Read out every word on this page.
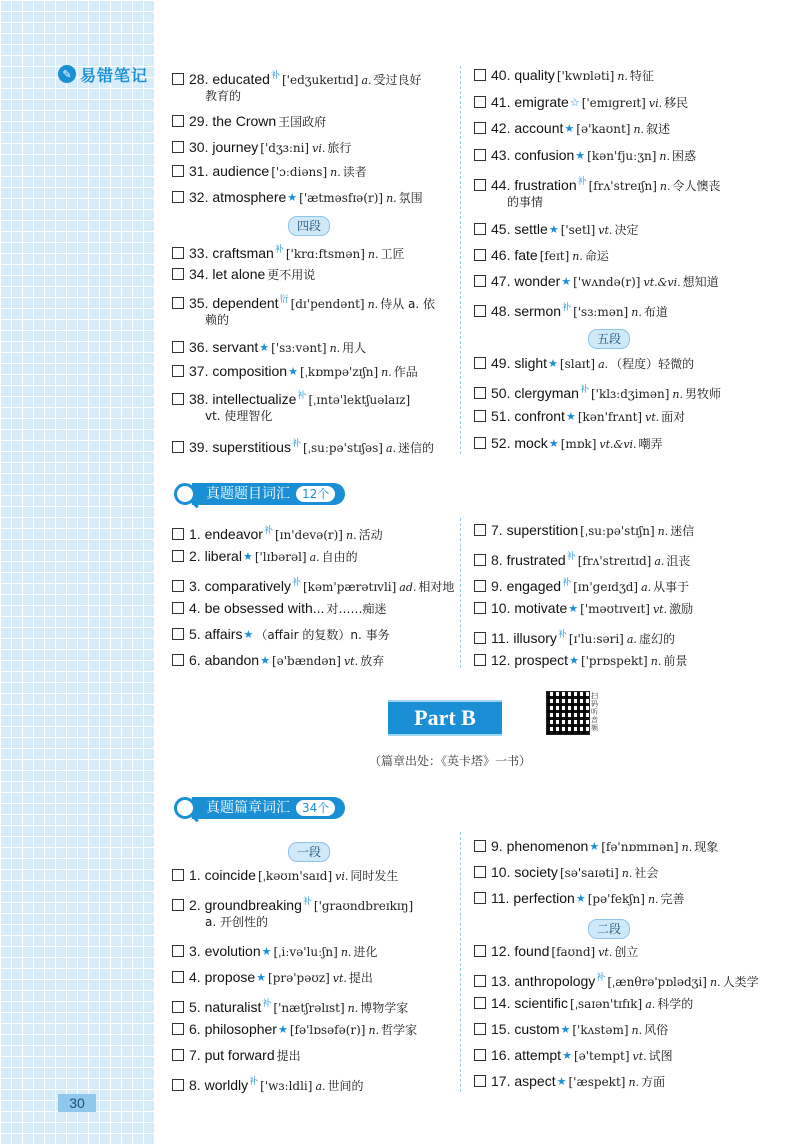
✎ 易错笔记
30
28. educated$^补$ ['edʒukeɪtɪd] a. 受过良好
教育的
29. the Crown 王国政府
30. journey ['dʒɜːni] vi. 旅行
31. audience ['ɔːdiəns] n. 读者
32. atmosphere★ ['ætməsfɪə(r)] n. 氛围
33. craftsman$^补$ ['krɑːftsmən] n. 工匠
34. let alone 更不用说
35. dependent$^衍$ [dɪ'pendənt] n. 侍从 a. 依
赖的
36. servant★ ['sɜːvənt] n. 用人
37. composition★ [ˌkɒmpə'zɪʃn] n. 作品
38. intellectualize$^补$ [ˌɪntə'lektʃuəlaɪz]
vt. 使理智化
39. superstitious$^补$ [ˌsuːpə'stɪʃəs] a. 迷信的
40. quality ['kwɒləti] n. 特征
41. emigrate☆ ['emɪgreɪt] vi. 移民
42. account★ [ə'kaʊnt] n. 叙述
43. confusion★ [kən'fjuːʒn] n. 困惑
44. frustration$^补$ [frʌ'streɪʃn] n. 令人懊丧
的事情
45. settle★ ['setl] vt. 决定
46. fate [feɪt] n. 命运
47. wonder★ ['wʌndə(r)] vt.&vi. 想知道
48. sermon$^补$ ['sɜːmən] n. 布道
49. slight★ [slaɪt] a. （程度）轻微的
50. clergyman$^补$ ['klɜːdʒimən] n. 男牧师
51. confront★ [kən'frʌnt] vt. 面对
52. mock★ [mɒk] vt.&vi. 嘲弄
四段
五段
真题题目词汇	12个
1. endeavor$^补$ [ɪn'devə(r)] n. 活动
2. liberal★ ['lɪbərəl] a. 自由的
3. comparatively$^补$ [kəm'pærətɪvli] ad. 相对地
4. be obsessed with... 对……痴迷
5. affairs★ （affair 的复数）n. 事务
6. abandon★ [ə'bændən] vt. 放弃
7. superstition [ˌsuːpə'stɪʃn] n. 迷信
8. frustrated$^补$ [frʌ'streɪtɪd] a. 沮丧
9. engaged$^补$ [ɪn'geɪdʒd] a. 从事于
10. motivate★ ['məʊtɪveɪt] vt. 激励
11. illusory$^补$ [ɪ'luːsəri] a. 虚幻的
12. prospect★ ['prɒspekt] n. 前景
Part B
扫码听音频
（篇章出处：《英卡塔》一书）
真题篇章词汇	34个
一段
二段
1. coincide [ˌkəʊɪn'saɪd] vi. 同时发生
2. groundbreaking$^补$ ['graʊndbreɪkɪŋ]
a. 开创性的
3. evolution★ [ˌiːvə'luːʃn] n. 进化
4. propose★ [prə'pəʊz] vt. 提出
5. naturalist$^补$ ['nætʃrəlɪst] n. 博物学家
6. philosopher★ [fə'lɒsəfə(r)] n. 哲学家
7. put forward 提出
8. worldly$^补$ ['wɜːldli] a. 世间的
9. phenomenon★ [fə'nɒmɪnən] n. 现象
10. society [sə'saɪəti] n. 社会
11. perfection★ [pə'fekʃn] n. 完善
12. found [faʊnd] vt. 创立
13. anthropology$^补$ [ˌænθrə'pɒlədʒi] n. 人类学
14. scientific [ˌsaɪən'tɪfɪk] a. 科学的
15. custom★ ['kʌstəm] n. 风俗
16. attempt★ [ə'tempt] vt. 试图
17. aspect★ ['æspekt] n. 方面
